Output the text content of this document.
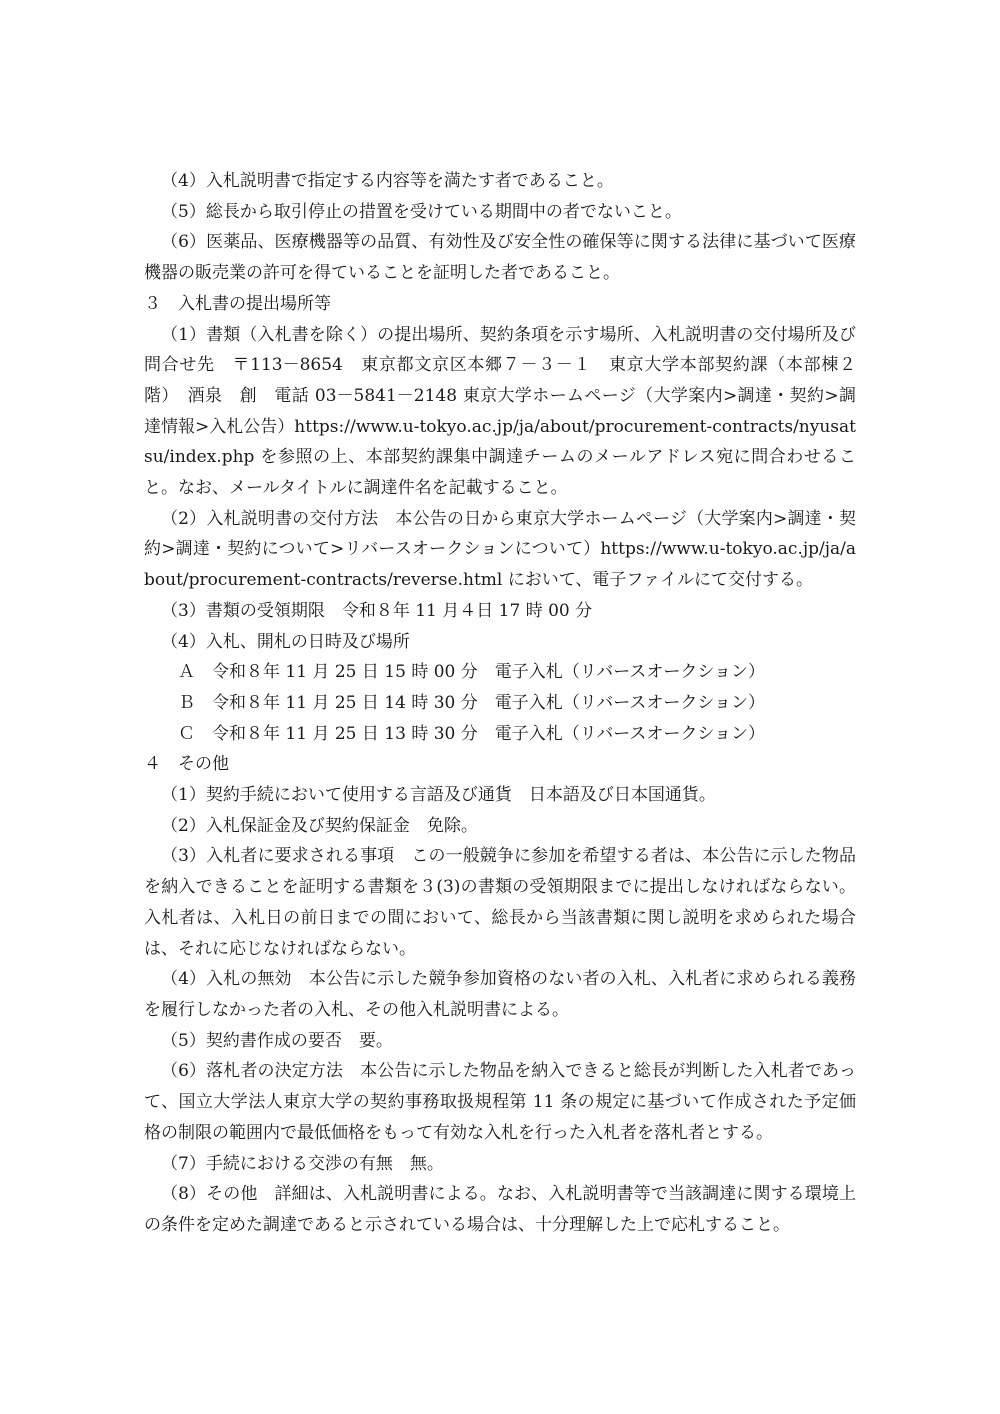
（4）入札説明書で指定する内容等を満たす者であること。

（5）総長から取引停止の措置を受けている期間中の者でないこと。

（6）医薬品、医療機器等の品質、有効性及び安全性の確保等に関する法律に基づいて医療機器の販売業の許可を得ていることを証明した者であること。

３　入札書の提出場所等

（1）書類（入札書を除く）の提出場所、契約条項を示す場所、入札説明書の交付場所及び問合せ先　〒113－8654　東京都文京区本郷７－３－１　東京大学本部契約課（本部棟２階）　酒泉　創　電話 03－5841－2148 東京大学ホームページ（大学案内>調達・契約>調達情報>入札公告）https://www.u-tokyo.ac.jp/ja/about/procurement-contracts/nyusatsu/index.php を参照の上、本部契約課集中調達チームのメールアドレス宛に問合わせること。なお、メールタイトルに調達件名を記載すること。

（2）入札説明書の交付方法　本公告の日から東京大学ホームページ（大学案内>調達・契約>調達・契約について>リバースオークションについて）https://www.u-tokyo.ac.jp/ja/about/procurement-contracts/reverse.html において、電子ファイルにて交付する。

（3）書類の受領期限　令和８年 11 月４日 17 時 00 分

（4）入札、開札の日時及び場所

Ａ　令和８年 11 月 25 日 15 時 00 分　電子入札（リバースオークション）

Ｂ　令和８年 11 月 25 日 14 時 30 分　電子入札（リバースオークション）

Ｃ　令和８年 11 月 25 日 13 時 30 分　電子入札（リバースオークション）

４　その他

（1）契約手続において使用する言語及び通貨　日本語及び日本国通貨。

（2）入札保証金及び契約保証金　免除。

（3）入札者に要求される事項　この一般競争に参加を希望する者は、本公告に示した物品を納入できることを証明する書類を３(3)の書類の受領期限までに提出しなければならない。入札者は、入札日の前日までの間において、総長から当該書類に関し説明を求められた場合は、それに応じなければならない。

（4）入札の無効　本公告に示した競争参加資格のない者の入札、入札者に求められる義務を履行しなかった者の入札、その他入札説明書による。

（5）契約書作成の要否　要。

（6）落札者の決定方法　本公告に示した物品を納入できると総長が判断した入札者であって、国立大学法人東京大学の契約事務取扱規程第 11 条の規定に基づいて作成された予定価格の制限の範囲内で最低価格をもって有効な入札を行った入札者を落札者とする。

（7）手続における交渉の有無　無。

（8）その他　詳細は、入札説明書による。なお、入札説明書等で当該調達に関する環境上の条件を定めた調達であると示されている場合は、十分理解した上で応札すること。
